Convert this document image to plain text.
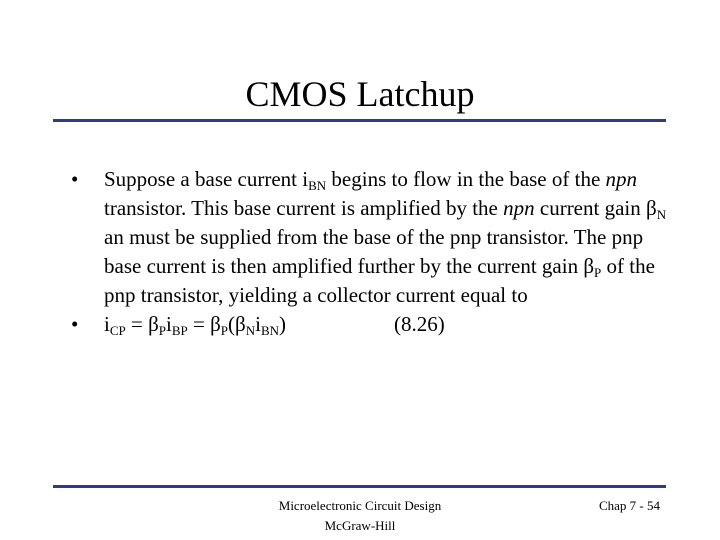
CMOS Latchup
• Suppose a base current $i_{BN}$ begins to flow in the base of the npn transistor. This base current is amplified by the npn current gain $\beta_N$ an must be supplied from the base of the pnp transistor. The pnp base current is then amplified further by the current gain $\beta_P$ of the pnp transistor, yielding a collector current equal to
• $i_{CP} = \beta_Pi_{BP} = \beta_P(\beta_Ni_{BN})$	(8.26)
Microelectronic Circuit Design
McGraw-Hill
Chap 7 - 54
